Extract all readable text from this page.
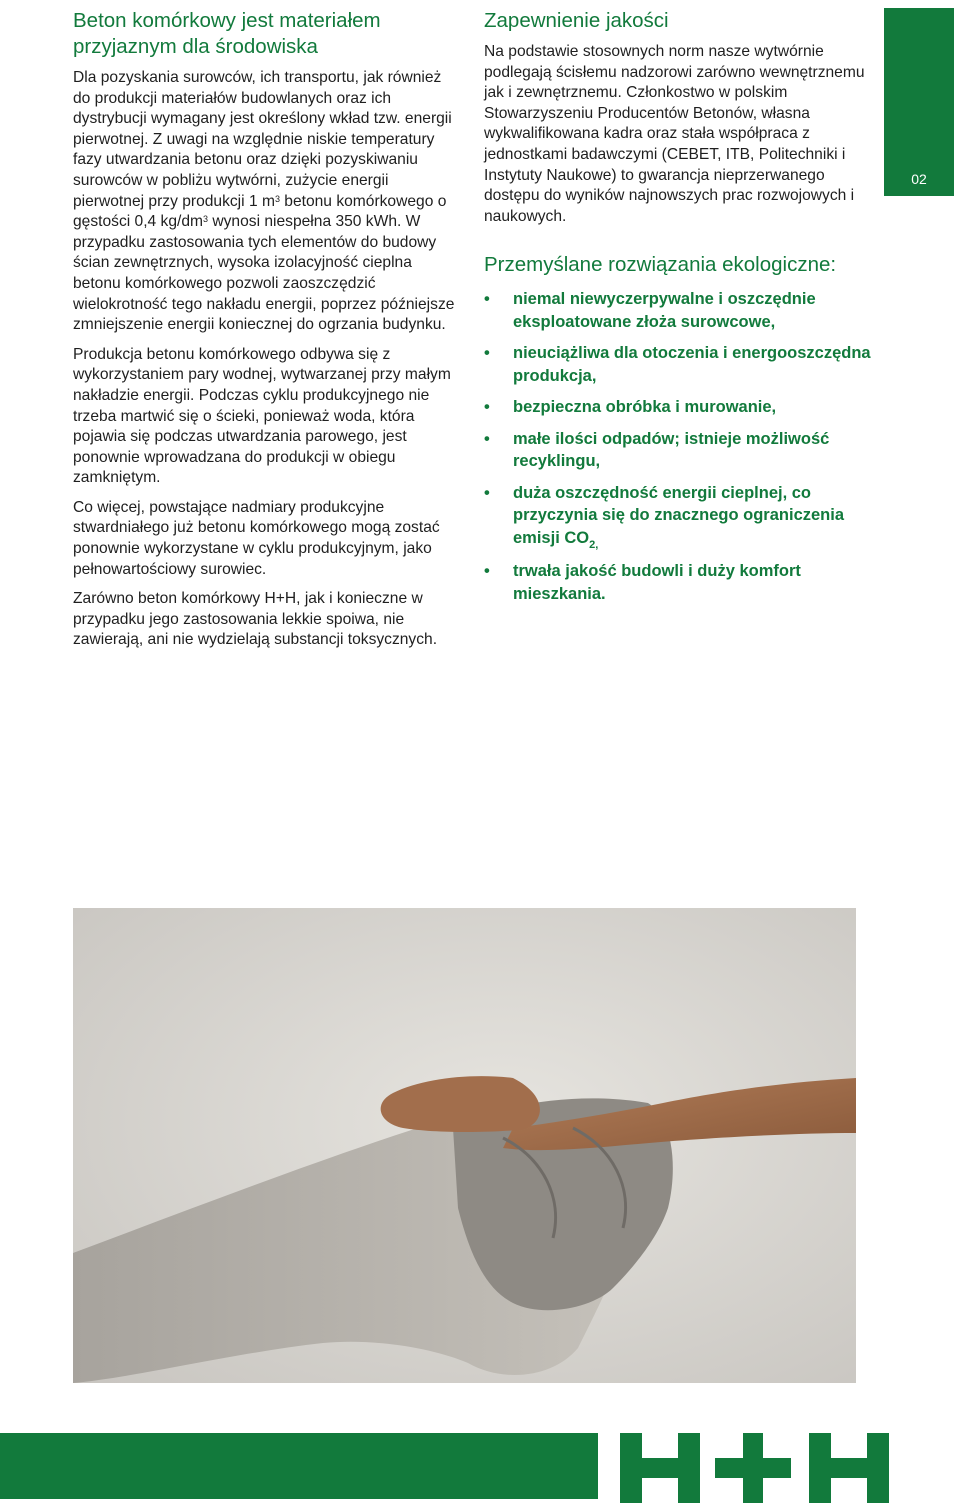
Beton komórkowy jest materiałem przyjaznym dla środowiska

Dla pozyskania surowców, ich transportu, jak również do produkcji materiałów budowlanych oraz ich dystrybucji wymagany jest określony wkład tzw. energii pierwotnej. Z uwagi na względnie niskie temperatury fazy utwardzania betonu oraz dzięki pozyskiwaniu surowców w pobliżu wytwórni, zużycie energii pierwotnej przy produkcji 1 $m^3$ betonu komórkowego o gęstości 0,4 $kg/dm^3$ wynosi niespełna 350 kWh. W przypadku zastosowania tych elementów do budowy ścian zewnętrznych, wysoka izolacyjność cieplna betonu komórkowego pozwoli zaoszczędzić wielokrotność tego nakładu energii, poprzez późniejsze zmniejszenie energii koniecznej do ogrzania budynku.

Produkcja betonu komórkowego odbywa się z wykorzystaniem pary wodnej, wytwarzanej przy małym nakładzie energii. Podczas cyklu produkcyjnego nie trzeba martwić się o ścieki, ponieważ woda, która pojawia się podczas utwardzania parowego, jest ponownie wprowadzana do produkcji w obiegu zamkniętym.

Co więcej, powstające nadmiary produkcyjne stwardniałego już betonu komórkowego mogą zostać ponownie wykorzystane w cyklu produkcyjnym, jako pełnowartościowy surowiec.

Zarówno beton komórkowy H+H, jak i konieczne w przypadku jego zastosowania lekkie spoiwa, nie zawierają, ani nie wydzielają substancji toksycznych.

Zapewnienie jakości

Na podstawie stosownych norm nasze wytwórnie podlegają ścisłemu nadzorowi zarówno wewnętrznemu jak i zewnętrznemu. Członkostwo w polskim Stowarzyszeniu Producentów Betonów, własna wykwalifikowana kadra oraz stała współpraca z jednostkami badawczymi (CEBET, ITB, Politechniki i Instytuty Naukowe) to gwarancja nieprzerwanego dostępu do wyników najnowszych prac rozwojowych i naukowych.

Przemyślane rozwiązania ekologiczne:
• niemal niewyczerpywalne i oszczędnie eksploatowane złoża surowcowe,
• nieuciążliwa dla otoczenia i energooszczędna produkcja,
• bezpieczna obróbka i murowanie,
• małe ilości odpadów; istnieje możliwość recyklingu,
• duża oszczędność energii cieplnej, co przyczynia się do znacznego ograniczenia emisji $CO_{2,}$
• trwała jakość budowli i duży komfort mieszkania.
02
